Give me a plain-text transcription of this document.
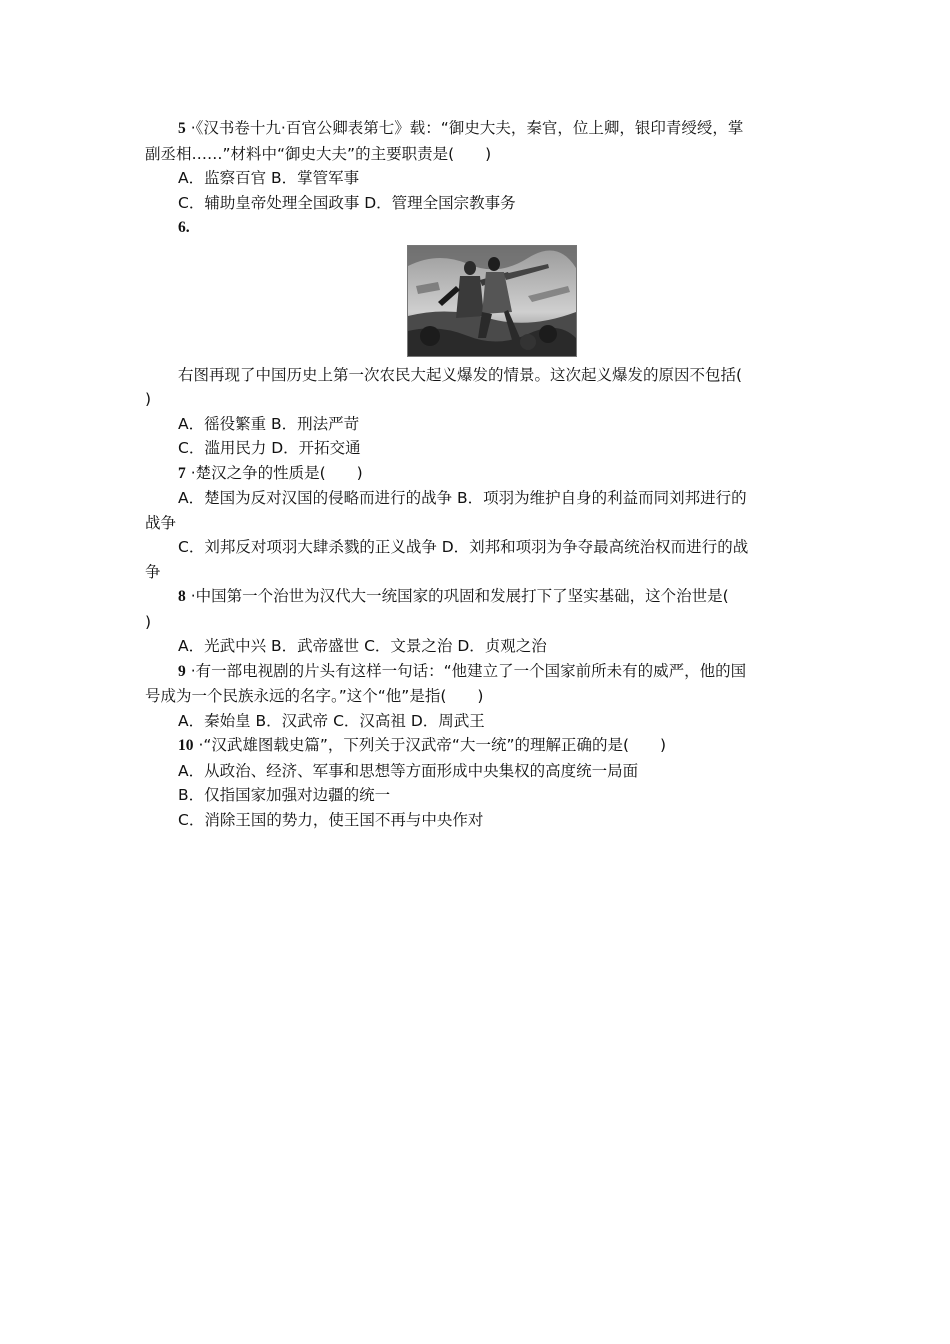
5 ·《汉书卷十九·百官公卿表第七》载：“御史大夫，秦官，位上卿，银印青绶绶，掌

副丞相……”材料中“御史大夫”的主要职责是(　　)

A．监察百官 B．掌管军事

C．辅助皇帝处理全国政事 D．管理全国宗教事务

6.

右图再现了中国历史上第一次农民大起义爆发的情景。这次起义爆发的原因不包括(

)

A．徭役繁重 B．刑法严苛

C．滥用民力 D．开拓交通

7 ·楚汉之争的性质是(　　)

A．楚国为反对汉国的侵略而进行的战争 B．项羽为维护自身的利益而同刘邦进行的

战争

C．刘邦反对项羽大肆杀戮的正义战争 D．刘邦和项羽为争夺最高统治权而进行的战

争

8 ·中国第一个治世为汉代大一统国家的巩固和发展打下了坚实基础，这个治世是(

)

A．光武中兴 B．武帝盛世 C．文景之治 D．贞观之治

9 ·有一部电视剧的片头有这样一句话：“他建立了一个国家前所未有的威严，他的国

号成为一个民族永远的名字。”这个“他”是指(　　)

A．秦始皇 B．汉武帝 C．汉高祖 D．周武王

10 ·“汉武雄图载史篇”，下列关于汉武帝“大一统”的理解正确的是(　　)

A．从政治、经济、军事和思想等方面形成中央集权的高度统一局面

B．仅指国家加强对边疆的统一

C．消除王国的势力，使王国不再与中央作对
